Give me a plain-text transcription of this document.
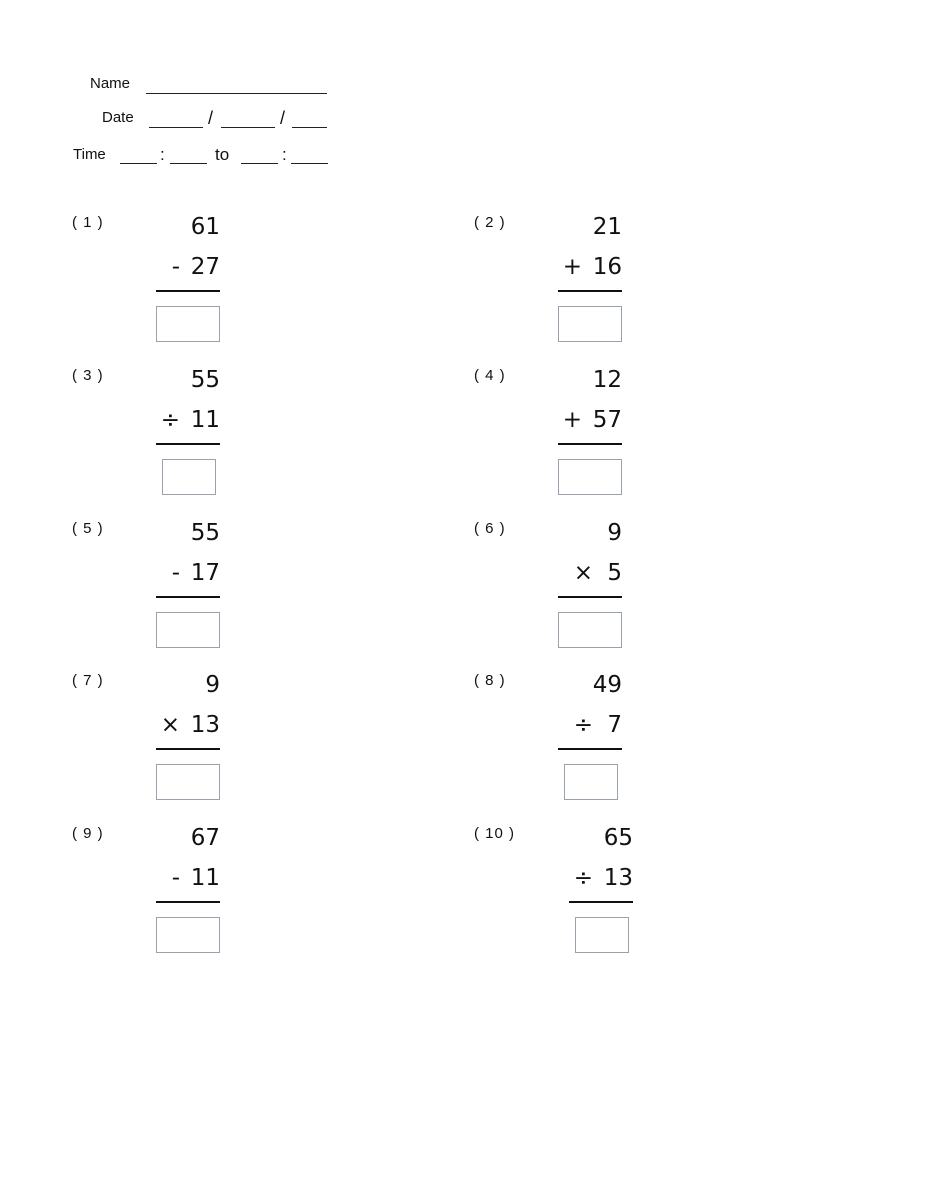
Name
Date	/	/
Time	:	to	:
( 1 )	61
- 27
( 2 )	21
+ 16
( 3 )	55
÷ 11
( 4 )	12
+ 57
( 5 )	55
- 17
( 6 )	9
× 5
( 7 )	9
× 13
( 8 )	49
÷ 7
( 9 )	67
- 11
( 10 )	65
÷ 13
